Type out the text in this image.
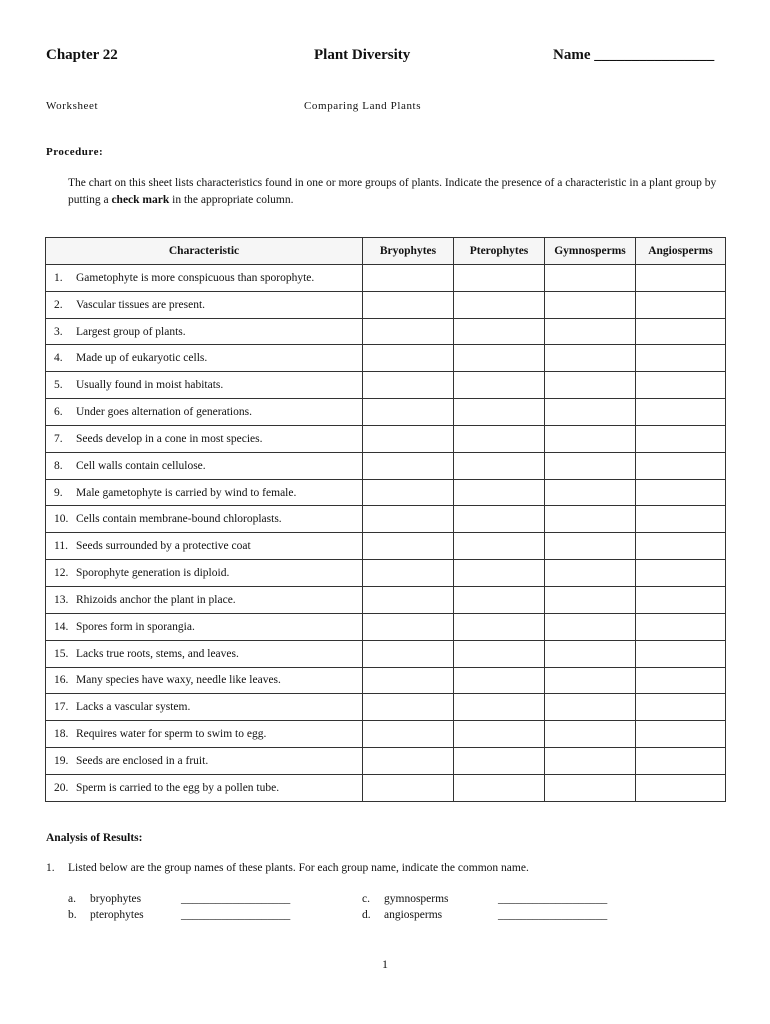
Chapter 22	Plant Diversity	Name ________________
Worksheet	Comparing Land Plants
Procedure:
The chart on this sheet lists characteristics found in one or more groups of plants. Indicate the presence of a characteristic in a plant group by putting a check mark in the appropriate column.
Characteristic	Bryophytes	Pterophytes	Gymnosperms	Angiosperms
1. Gametophyte is more conspicuous than sporophyte.				
2. Vascular tissues are present.				
3. Largest group of plants.				
4. Made up of eukaryotic cells.				
5. Usually found in moist habitats.				
6. Under goes alternation of generations.				
7. Seeds develop in a cone in most species.				
8. Cell walls contain cellulose.				
9. Male gametophyte is carried by wind to female.				
10. Cells contain membrane-bound chloroplasts.				
11. Seeds surrounded by a protective coat				
12. Sporophyte generation is diploid.				
13. Rhizoids anchor the plant in place.				
14. Spores form in sporangia.				
15. Lacks true roots, stems, and leaves.				
16. Many species have waxy, needle like leaves.				
17. Lacks a vascular system.				
18. Requires water for sperm to swim to egg.				
19. Seeds are enclosed in a fruit.				
20. Sperm is carried to the egg by a pollen tube.				
Analysis of Results:
1. Listed below are the group names of these plants. For each group name, indicate the common name.
a. bryophytes	___________________
b. pterophytes	___________________
c. gymnosperms	___________________
d. angiosperms	___________________
1
